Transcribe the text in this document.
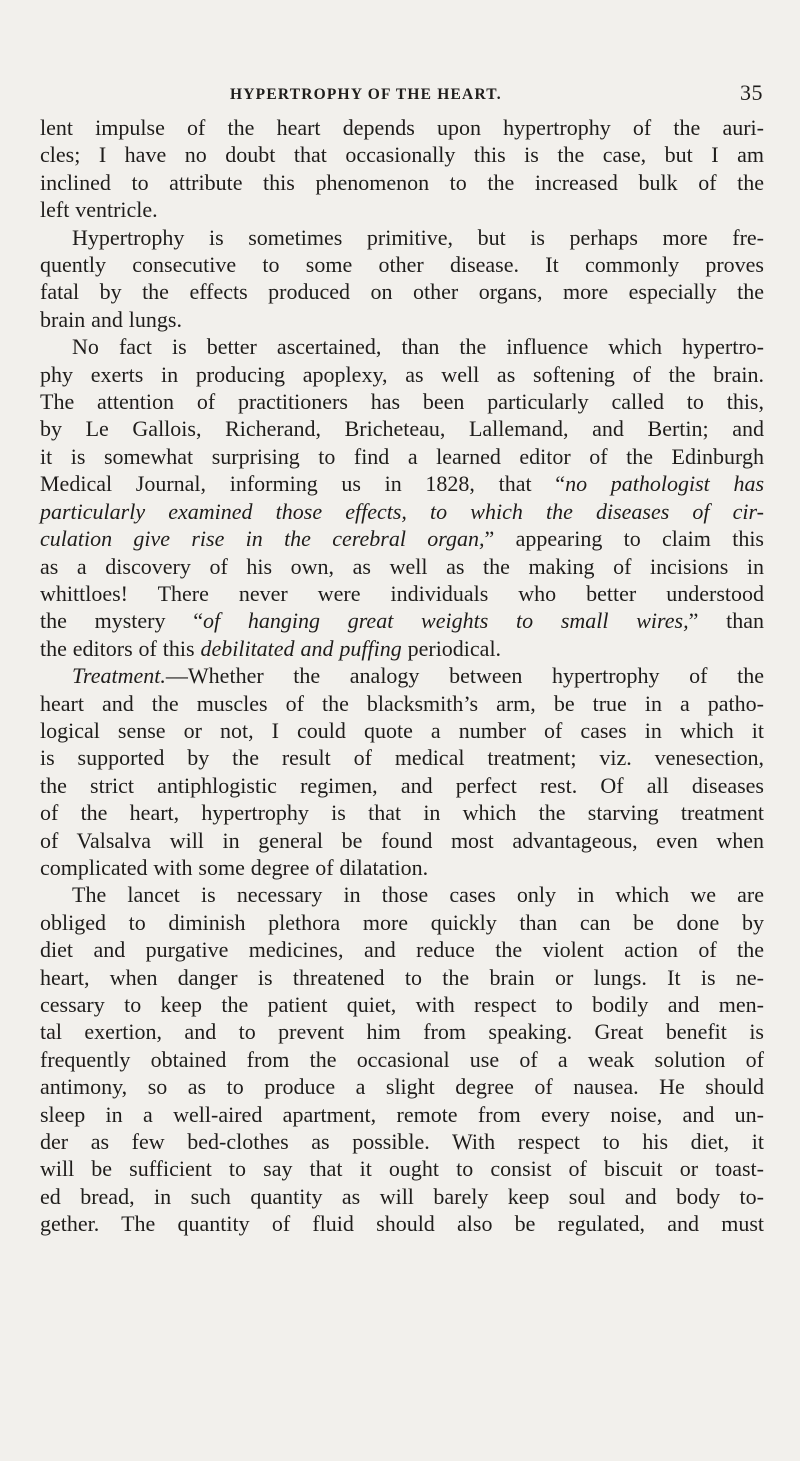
HYPERTROPHY OF THE HEART.	35

lent impulse of the heart depends upon hypertrophy of the auri-

cles; I have no doubt that occasionally this is the case, but I am

inclined to attribute this phenomenon to the increased bulk of the

left ventricle.

Hypertrophy is sometimes primitive, but is perhaps more fre-

quently consecutive to some other disease. It commonly proves

fatal by the effects produced on other organs, more especially the

brain and lungs.

No fact is better ascertained, than the influence which hypertro-

phy exerts in producing apoplexy, as well as softening of the brain.

The attention of practitioners has been particularly called to this,

by Le Gallois, Richerand, Bricheteau, Lallemand, and Bertin; and

it is somewhat surprising to find a learned editor of the Edinburgh

Medical Journal, informing us in 1828, that “no pathologist has

particularly examined those effects, to which the diseases of cir-

culation give rise in the cerebral organ,” appearing to claim this

as a discovery of his own, as well as the making of incisions in

whittloes! There never were individuals who better understood

the mystery “of hanging great weights to small wires,” than

the editors of this debilitated and puffing periodical.

Treatment.—Whether the analogy between hypertrophy of the

heart and the muscles of the blacksmith’s arm, be true in a patho-

logical sense or not, I could quote a number of cases in which it

is supported by the result of medical treatment; viz. venesection,

the strict antiphlogistic regimen, and perfect rest. Of all diseases

of the heart, hypertrophy is that in which the starving treatment

of Valsalva will in general be found most advantageous, even when

complicated with some degree of dilatation.

The lancet is necessary in those cases only in which we are

obliged to diminish plethora more quickly than can be done by

diet and purgative medicines, and reduce the violent action of the

heart, when danger is threatened to the brain or lungs. It is ne-

cessary to keep the patient quiet, with respect to bodily and men-

tal exertion, and to prevent him from speaking. Great benefit is

frequently obtained from the occasional use of a weak solution of

antimony, so as to produce a slight degree of nausea. He should

sleep in a well-aired apartment, remote from every noise, and un-

der as few bed-clothes as possible. With respect to his diet, it

will be sufficient to say that it ought to consist of biscuit or toast-

ed bread, in such quantity as will barely keep soul and body to-

gether. The quantity of fluid should also be regulated, and must
